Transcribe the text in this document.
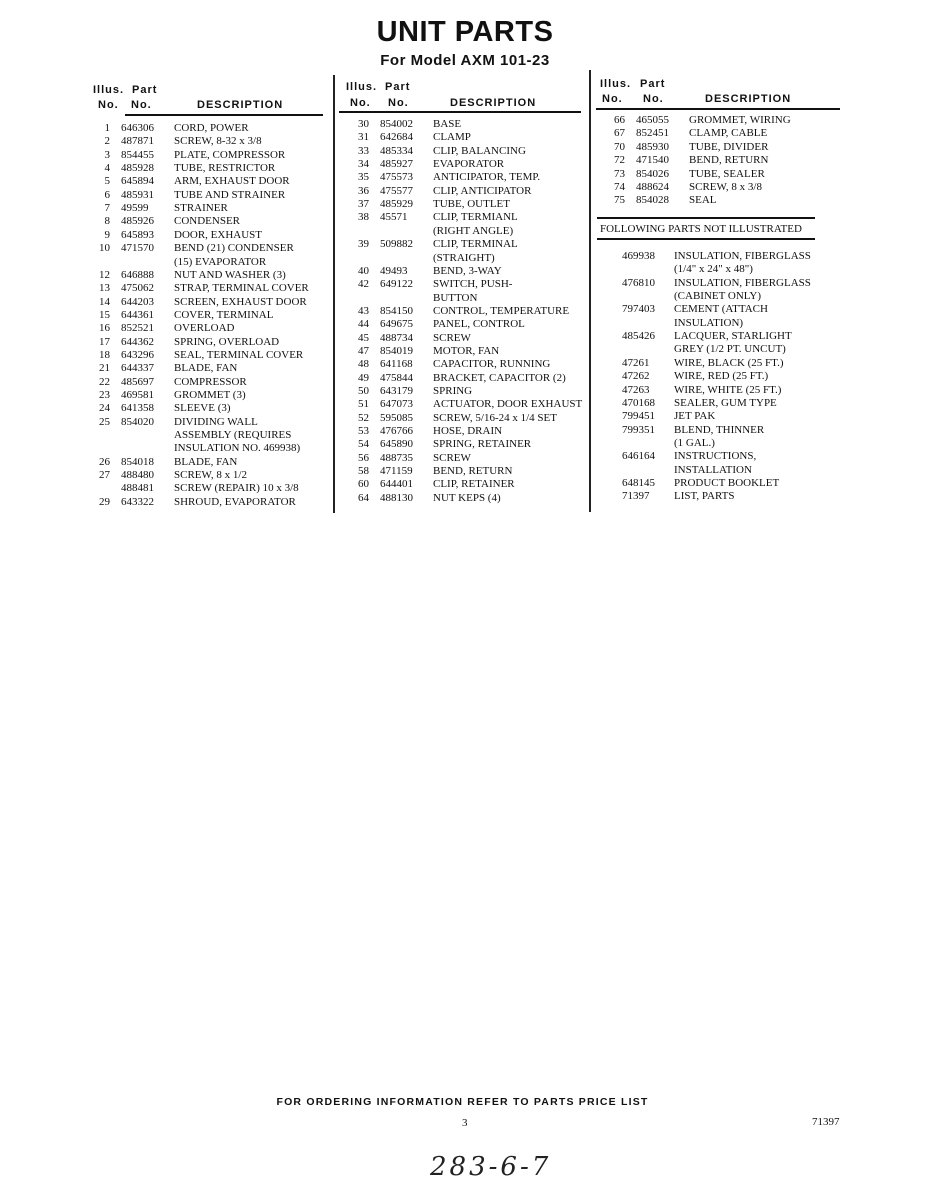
UNIT PARTS
For Model AXM 101-23
Illus. Part
No. No.	DESCRIPTION
1 646306 CORD, POWER
2 487871 SCREW, 8-32 x 3/8
3 854455 PLATE, COMPRESSOR
4 485928 TUBE, RESTRICTOR
5 645894 ARM, EXHAUST DOOR
6 485931 TUBE AND STRAINER
7 49599 STRAINER
8 485926 CONDENSER
9 645893 DOOR, EXHAUST
10 471570 BEND (21) CONDENSER
(15) EVAPORATOR
12 646888 NUT AND WASHER (3)
13 475062 STRAP, TERMINAL COVER
14 644203 SCREEN, EXHAUST DOOR
15 644361 COVER, TERMINAL
16 852521 OVERLOAD
17 644362 SPRING, OVERLOAD
18 643296 SEAL, TERMINAL COVER
21 644337 BLADE, FAN
22 485697 COMPRESSOR
23 469581 GROMMET (3)
24 641358 SLEEVE (3)
25 854020 DIVIDING WALL
ASSEMBLY (REQUIRES
INSULATION NO. 469938)
26 854018 BLADE, FAN
27 488480 SCREW, 8 x 1/2
488481 SCREW (REPAIR) 10 x 3/8
29 643322 SHROUD, EVAPORATOR
Illus. Part
No. No.	DESCRIPTION
30 854002 BASE
31 642684 CLAMP
33 485334 CLIP, BALANCING
34 485927 EVAPORATOR
35 475573 ANTICIPATOR, TEMP.
36 475577 CLIP, ANTICIPATOR
37 485929 TUBE, OUTLET
38 45571 CLIP, TERMIANL
(RIGHT ANGLE)
39 509882 CLIP, TERMINAL
(STRAIGHT)
40 49493 BEND, 3-WAY
42 649122 SWITCH, PUSH-
BUTTON
43 854150 CONTROL, TEMPERATURE
44 649675 PANEL, CONTROL
45 488734 SCREW
47 854019 MOTOR, FAN
48 641168 CAPACITOR, RUNNING
49 475844 BRACKET, CAPACITOR (2)
50 643179 SPRING
51 647073 ACTUATOR, DOOR EXHAUST
52 595085 SCREW, 5/16-24 x 1/4 SET
53 476766 HOSE, DRAIN
54 645890 SPRING, RETAINER
56 488735 SCREW
58 471159 BEND, RETURN
60 644401 CLIP, RETAINER
64 488130 NUT KEPS (4)
Illus. Part
No. No.	DESCRIPTION
66 465055 GROMMET, WIRING
67 852451 CLAMP, CABLE
70 485930 TUBE, DIVIDER
72 471540 BEND, RETURN
73 854026 TUBE, SEALER
74 488624 SCREW, 8 x 3/8
75 854028 SEAL
FOLLOWING PARTS NOT ILLUSTRATED
469938 INSULATION, FIBERGLASS
(1/4" x 24" x 48")
476810 INSULATION, FIBERGLASS
(CABINET ONLY)
797403 CEMENT (ATTACH
INSULATION)
485426 LACQUER, STARLIGHT
GREY (1/2 PT. UNCUT)
47261 WIRE, BLACK (25 FT.)
47262 WIRE, RED (25 FT.)
47263 WIRE, WHITE (25 FT.)
470168 SEALER, GUM TYPE
799451 JET PAK
799351 BLEND, THINNER
(1 GAL.)
646164 INSTRUCTIONS,
INSTALLATION
648145 PRODUCT BOOKLET
71397 LIST, PARTS
FOR ORDERING INFORMATION REFER TO PARTS PRICE LIST
3	71397
283-6-7
